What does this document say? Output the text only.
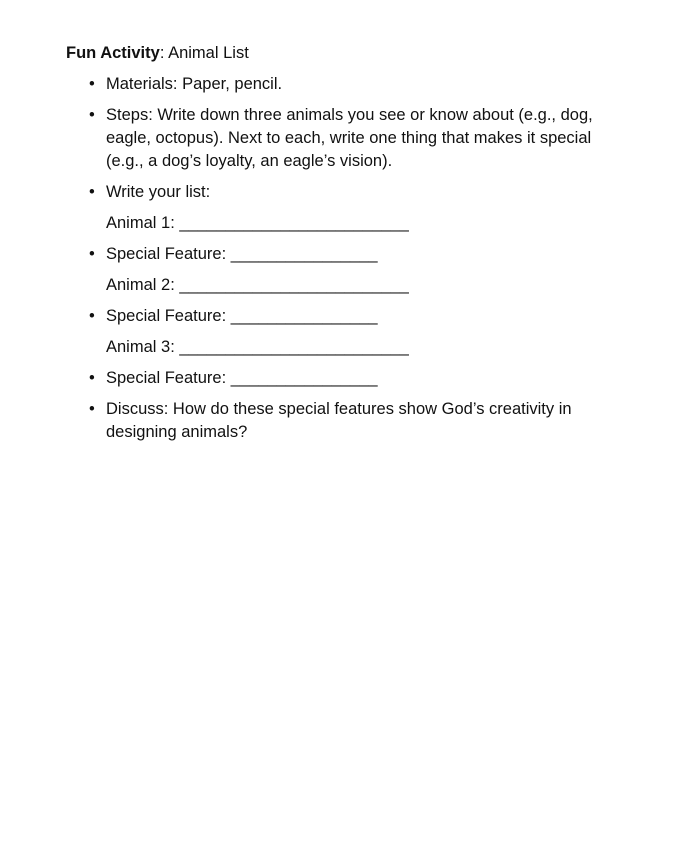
Fun Activity: Animal List

• Materials: Paper, pencil.
• Steps: Write down three animals you see or know about (e.g., dog, eagle, octopus). Next to each, write one thing that makes it special (e.g., a dog’s loyalty, an eagle’s vision).
• Write your list:
Animal 1: _________________________
• Special Feature: ________________
Animal 2: _________________________
• Special Feature: ________________
Animal 3: _________________________
• Special Feature: ________________
• Discuss: How do these special features show God’s creativity in designing animals?
